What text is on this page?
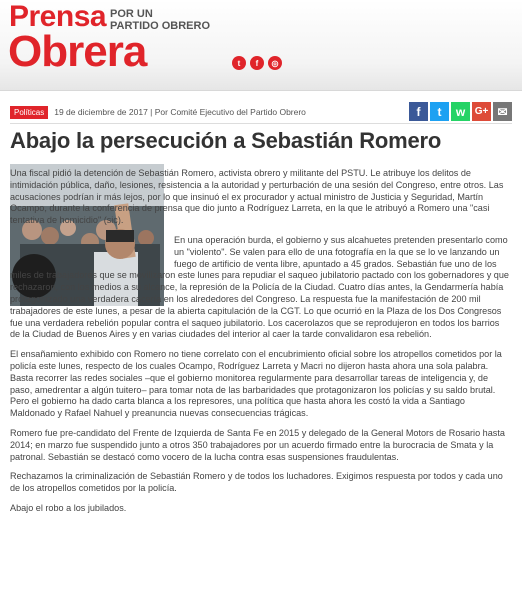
Prensa POR UN
PARTIDO OBRERO
Obrera	t	f	◎
Políticas	19 de diciembre de 2017 | Por Comité Ejecutivo del Partido Obrero	f	t	w G+ ✉
Abajo la persecución a Sebastián Romero

Una fiscal pidió la detención de Sebastián Romero, activista obrero y militante del PSTU. Le atribuye los delitos de intimidación pública, daño, lesiones, resistencia a la autoridad y perturbación de una sesión del Congreso, entre otros. Las acusaciones podrían ir más lejos, por lo que insinuó el ex procurador y actual ministro de Justicia y Seguridad, Martín Ocampo, durante la conferencia de prensa que dio junto a Rodríguez Larreta, en la que le atribuyó a Romero una "casi tentativa de homicidio" (sic).

En una operación burda, el gobierno y sus alcahuetes pretenden presentarlo como un "violento". Se valen para ello de una fotografía en la que se lo ve lanzando un fuego de artificio de venta libre, apuntado a 45 grados. Sebastián fue uno de los miles de trabajadores que se movilizaron este lunes para repudiar el saqueo jubilatorio pactado con los gobernadores y que rechazaron, con los medios a su alcance, la represión de la Policía de la Ciudad. Cuatro días antes, la Gendarmería había protagonizado una verdadera cacería en los alrededores del Congreso. La respuesta fue la manifestación de 200 mil trabajadores de este lunes, a pesar de la abierta capitulación de la CGT. Lo que ocurrió en la Plaza de los Dos Congresos fue una verdadera rebelión popular contra el saqueo jubilatorio. Los cacerolazos que se reprodujeron en todos los barrios de la Ciudad de Buenos Aires y en varias ciudades del interior al caer la tarde convalidaron esa rebelión.

El ensañamiento exhibido con Romero no tiene correlato con el encubrimiento oficial sobre los atropellos cometidos por la policía este lunes, respecto de los cuales Ocampo, Rodríguez Larreta y Macri no dijeron hasta ahora una sola palabra. Basta recorrer las redes sociales –que el gobierno monitorea regularmente para desarrollar tareas de inteligencia y, de paso, amedrentar a algún tuitero– para tomar nota de las barbaridades que protagonizaron los policías y su saldo brutal. Pero el gobierno ha dado carta blanca a los represores, una política que hasta ahora les costó la vida a Santiago Maldonado y Rafael Nahuel y preanuncia nuevas consecuencias trágicas.

Romero fue pre-candidato del Frente de Izquierda de Santa Fe en 2015 y delegado de la General Motors de Rosario hasta 2014; en marzo fue suspendido junto a otros 350 trabajadores por un acuerdo firmado entre la burocracia de Smata y la patronal. Sebastián se destacó como vocero de la lucha contra esas suspensiones fraudulentas.

Rechazamos la criminalización de Sebastián Romero y de todos los luchadores. Exigimos respuesta por todos y cada uno de los atropellos cometidos por la policía.

Abajo el robo a los jubilados.
